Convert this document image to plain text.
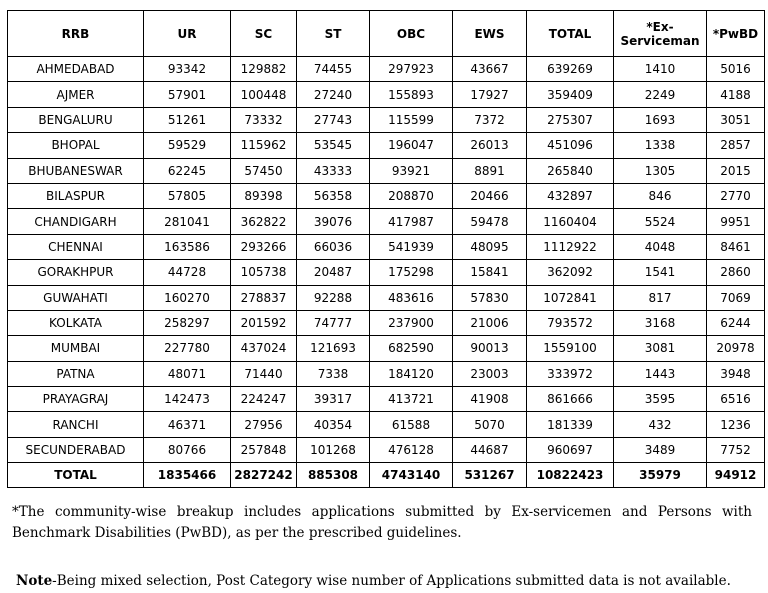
RRB	UR	SC	ST	OBC	EWS	TOTAL	*Ex-Serviceman	*PwBD
AHMEDABAD	93342	129882	74455	297923	43667	639269	1410	5016
AJMER	57901	100448	27240	155893	17927	359409	2249	4188
BENGALURU	51261	73332	27743	115599	7372	275307	1693	3051
BHOPAL	59529	115962	53545	196047	26013	451096	1338	2857
BHUBANESWAR	62245	57450	43333	93921	8891	265840	1305	2015
BILASPUR	57805	89398	56358	208870	20466	432897	846	2770
CHANDIGARH	281041	362822	39076	417987	59478	1160404	5524	9951
CHENNAI	163586	293266	66036	541939	48095	1112922	4048	8461
GORAKHPUR	44728	105738	20487	175298	15841	362092	1541	2860
GUWAHATI	160270	278837	92288	483616	57830	1072841	817	7069
KOLKATA	258297	201592	74777	237900	21006	793572	3168	6244
MUMBAI	227780	437024	121693	682590	90013	1559100	3081	20978
PATNA	48071	71440	7338	184120	23003	333972	1443	3948
PRAYAGRAJ	142473	224247	39317	413721	41908	861666	3595	6516
RANCHI	46371	27956	40354	61588	5070	181339	432	1236
SECUNDERABAD	80766	257848	101268	476128	44687	960697	3489	7752
TOTAL	1835466	2827242	885308	4743140	531267	10822423	35979	94912
*The community-wise breakup includes applications submitted by Ex-servicemen and Persons with Benchmark Disabilities (PwBD), as per the prescribed guidelines.
Note-Being mixed selection, Post Category wise number of Applications submitted data is not available.
